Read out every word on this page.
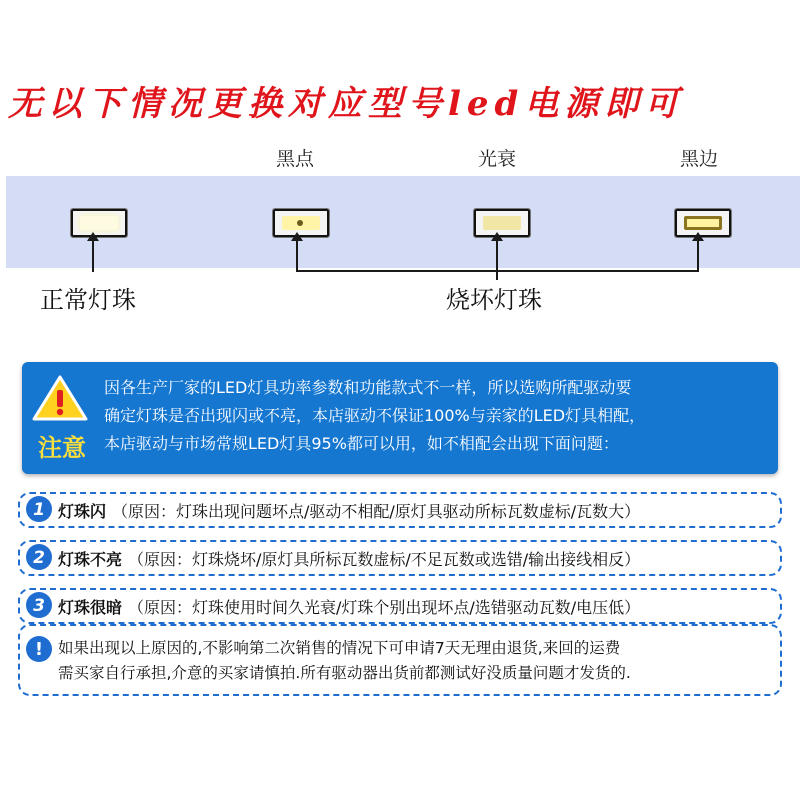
无以下情况更换对应型号led电源即可
黑点	光衰	黑边
正常灯珠	烧坏灯珠
注意
因各生产厂家的LED灯具功率参数和功能款式不一样，所以选购所配驱动要
确定灯珠是否出现闪或不亮，本店驱动不保证100%与亲家的LED灯具相配，
本店驱动与市场常规LED灯具95%都可以用，如不相配会出现下面问题：
1 灯珠闪 （原因：灯珠出现问题坏点/驱动不相配/原灯具驱动所标瓦数虚标/瓦数大）
2 灯珠不亮 （原因：灯珠烧坏/原灯具所标瓦数虚标/不足瓦数或选错/输出接线相反）
3 灯珠很暗 （原因：灯珠使用时间久光衰/灯珠个别出现坏点/选错驱动瓦数/电压低）
! 如果出现以上原因的,不影响第二次销售的情况下可申请7天无理由退货,来回的运费
需买家自行承担,介意的买家请慎拍.所有驱动器出货前都测试好没质量问题才发货的.
